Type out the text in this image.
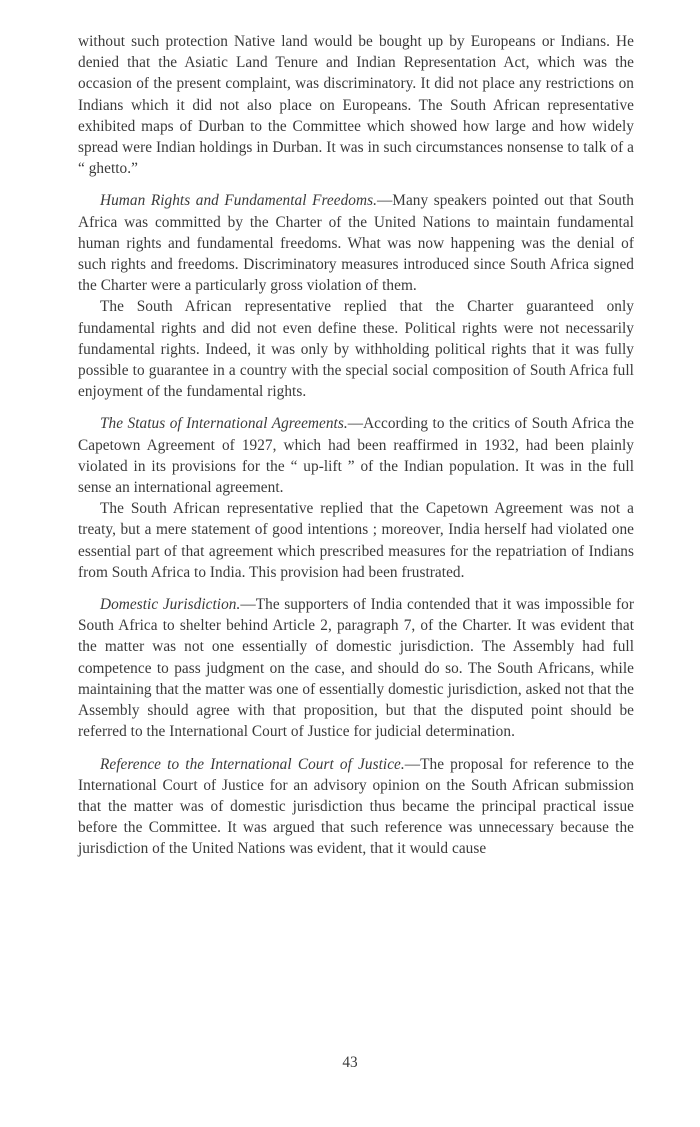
without such protection Native land would be bought up by Europeans or Indians. He denied that the Asiatic Land Tenure and Indian Representation Act, which was the occasion of the present complaint, was discriminatory. It did not place any restrictions on Indians which it did not also place on Europeans. The South African representative exhibited maps of Durban to the Committee which showed how large and how widely spread were Indian holdings in Durban. It was in such circumstances nonsense to talk of a “ ghetto.”

Human Rights and Fundamental Freedoms.—Many speakers pointed out that South Africa was committed by the Charter of the United Nations to maintain fundamental human rights and fundamental freedoms. What was now happening was the denial of such rights and freedoms. Discriminatory measures introduced since South Africa signed the Charter were a particularly gross violation of them.

The South African representative replied that the Charter guaranteed only fundamental rights and did not even define these. Political rights were not necessarily fundamental rights. Indeed, it was only by withholding political rights that it was fully possible to guarantee in a country with the special social composition of South Africa full enjoyment of the fundamental rights.

The Status of International Agreements.—According to the critics of South Africa the Capetown Agreement of 1927, which had been reaffirmed in 1932, had been plainly violated in its provisions for the “ up-lift ” of the Indian population. It was in the full sense an international agreement.

The South African representative replied that the Capetown Agreement was not a treaty, but a mere statement of good intentions ; moreover, India herself had violated one essential part of that agreement which prescribed measures for the repatriation of Indians from South Africa to India. This provision had been frustrated.

Domestic Jurisdiction.—The supporters of India contended that it was impossible for South Africa to shelter behind Article 2, paragraph 7, of the Charter. It was evident that the matter was not one essentially of domestic jurisdiction. The Assembly had full competence to pass judgment on the case, and should do so. The South Africans, while maintaining that the matter was one of essentially domestic jurisdiction, asked not that the Assembly should agree with that proposition, but that the disputed point should be referred to the International Court of Justice for judicial determination.

Reference to the International Court of Justice.—The proposal for reference to the International Court of Justice for an advisory opinion on the South African submission that the matter was of domestic jurisdiction thus became the principal practical issue before the Committee. It was argued that such reference was unnecessary because the jurisdiction of the United Nations was evident, that it would cause

43
